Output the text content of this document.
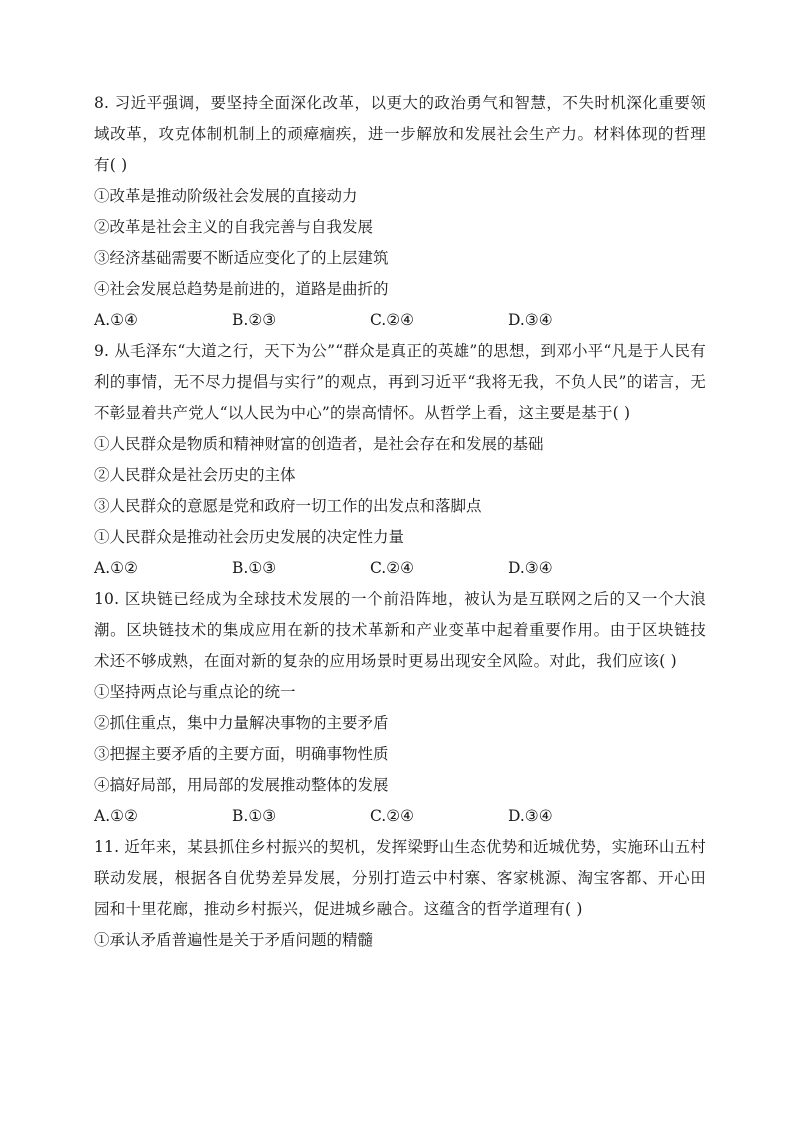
8. 习近平强调，要坚持全面深化改革，以更大的政治勇气和智慧，不失时机深化重要领域改革，攻克体制机制上的顽瘴痼疾，进一步解放和发展社会生产力。材料体现的哲理有( )

①改革是推动阶级社会发展的直接动力

②改革是社会主义的自我完善与自我发展

③经济基础需要不断适应变化了的上层建筑

④社会发展总趋势是前进的，道路是曲折的

A.①④	B.②③	C.②④	D.③④

9. 从毛泽东“大道之行，天下为公”“群众是真正的英雄”的思想，到邓小平“凡是于人民有利的事情，无不尽力提倡与实行”的观点，再到习近平“我将无我，不负人民”的诺言，无不彰显着共产党人“以人民为中心”的崇高情怀。从哲学上看，这主要是基于( )

①人民群众是物质和精神财富的创造者，是社会存在和发展的基础

②人民群众是社会历史的主体

③人民群众的意愿是党和政府一切工作的出发点和落脚点

①人民群众是推动社会历史发展的决定性力量

A.①②	B.①③	C.②④	D.③④

10. 区块链已经成为全球技术发展的一个前沿阵地，被认为是互联网之后的又一个大浪潮。区块链技术的集成应用在新的技术革新和产业变革中起着重要作用。由于区块链技术还不够成熟，在面对新的复杂的应用场景时更易出现安全风险。对此，我们应该( )

①坚持两点论与重点论的统一

②抓住重点，集中力量解决事物的主要矛盾

③把握主要矛盾的主要方面，明确事物性质

④搞好局部，用局部的发展推动整体的发展

A.①②	B.①③	C.②④	D.③④

11. 近年来，某县抓住乡村振兴的契机，发挥梁野山生态优势和近城优势，实施环山五村联动发展，根据各自优势差异发展，分别打造云中村寨、客家桃源、淘宝客都、开心田园和十里花廊，推动乡村振兴，促进城乡融合。这蕴含的哲学道理有( )

①承认矛盾普遍性是关于矛盾问题的精髓
